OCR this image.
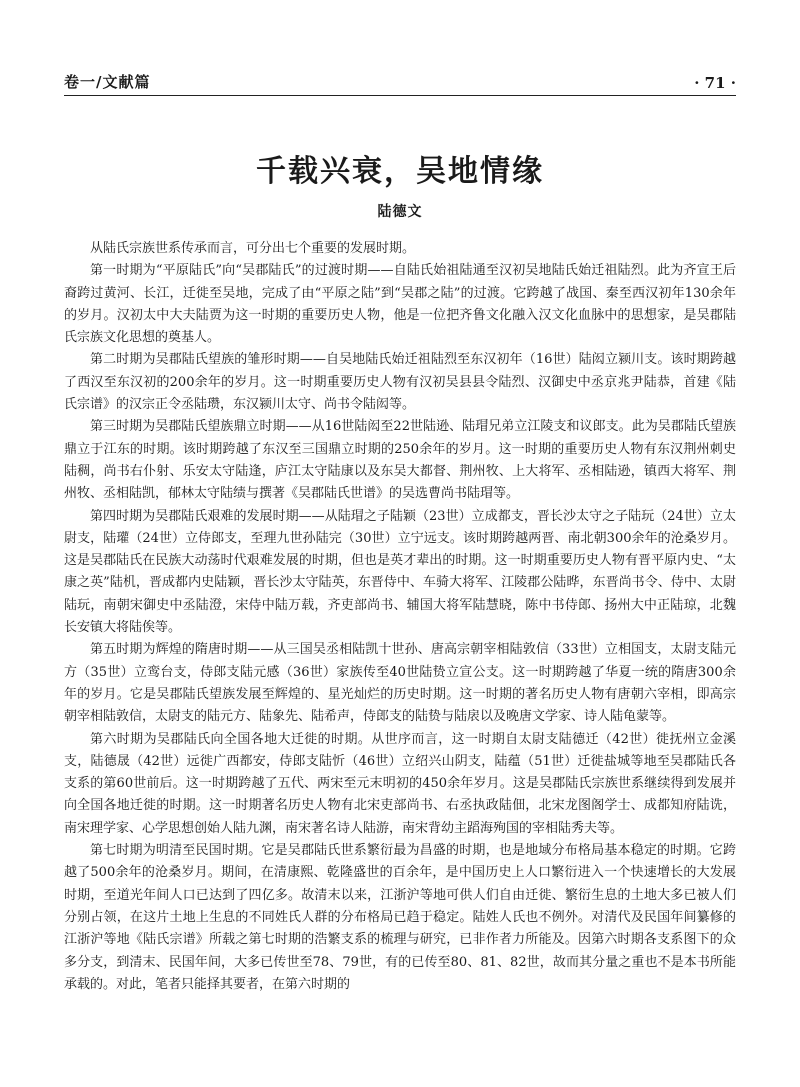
卷一/文献篇	· 71 ·
千载兴衰，吴地情缘
陆德文

从陆氏宗族世系传承而言，可分出七个重要的发展时期。

第一时期为“平原陆氏”向“吴郡陆氏”的过渡时期——自陆氏始祖陆通至汉初吴地陆氏始迁祖陆烈。此为齐宣王后裔跨过黄河、长江，迁徙至吴地，完成了由“平原之陆”到“吴郡之陆”的过渡。它跨越了战国、秦至西汉初年130余年的岁月。汉初太中大夫陆贾为这一时期的重要历史人物，他是一位把齐鲁文化融入汉文化血脉中的思想家，是吴郡陆氏宗族文化思想的奠基人。

第二时期为吴郡陆氏望族的雏形时期——自吴地陆氏始迁祖陆烈至东汉初年（16世）陆闳立颍川支。该时期跨越了西汉至东汉初的200余年的岁月。这一时期重要历史人物有汉初吴县县令陆烈、汉御史中丞京兆尹陆恭，首建《陆氏宗谱》的汉宗正令丞陆瓒，东汉颍川太守、尚书令陆闳等。

第三时期为吴郡陆氏望族鼎立时期——从16世陆闳至22世陆逊、陆瑁兄弟立江陵支和议郎支。此为吴郡陆氏望族鼎立于江东的时期。该时期跨越了东汉至三国鼎立时期的250余年的岁月。这一时期的重要历史人物有东汉荆州刺史陆稠，尚书右仆射、乐安太守陆逢，庐江太守陆康以及东吴大都督、荆州牧、上大将军、丞相陆逊，镇西大将军、荆州牧、丞相陆凯，郁林太守陆绩与撰著《吴郡陆氏世谱》的吴选曹尚书陆瑁等。

第四时期为吴郡陆氏艰难的发展时期——从陆瑁之子陆颖（23世）立成都支，晋长沙太守之子陆玩（24世）立太尉支，陆瓘（24世）立侍郎支，至理九世孙陆完（30世）立宁远支。该时期跨越两晋、南北朝300余年的沧桑岁月。这是吴郡陆氏在民族大动荡时代艰难发展的时期，但也是英才辈出的时期。这一时期重要历史人物有晋平原内史、“太康之英”陆机，晋成都内史陆颖，晋长沙太守陆英，东晋侍中、车骑大将军、江陵郡公陆晔，东晋尚书令、侍中、太尉陆玩，南朝宋御史中丞陆澄，宋侍中陆万载，齐吏部尚书、辅国大将军陆慧晓，陈中书侍郎、扬州大中正陆琼，北魏长安镇大将陆俟等。

第五时期为辉煌的隋唐时期——从三国吴丞相陆凯十世孙、唐高宗朝宰相陆敦信（33世）立相国支，太尉支陆元方（35世）立鸾台支，侍郎支陆元感（36世）家族传至40世陆贽立宣公支。这一时期跨越了华夏一统的隋唐300余年的岁月。它是吴郡陆氏望族发展至辉煌的、星光灿烂的历史时期。这一时期的著名历史人物有唐朝六宰相，即高宗朝宰相陆敦信，太尉支的陆元方、陆象先、陆希声，侍郎支的陆贽与陆扆以及晚唐文学家、诗人陆龟蒙等。

第六时期为吴郡陆氏向全国各地大迁徙的时期。从世序而言，这一时期自太尉支陆德迁（42世）徙抚州立金溪支，陆德晟（42世）远徙广西都安，侍郎支陆忻（46世）立绍兴山阴支，陆蕴（51世）迁徙盐城等地至吴郡陆氏各支系的第60世前后。这一时期跨越了五代、两宋至元末明初的450余年岁月。这是吴郡陆氏宗族世系继续得到发展并向全国各地迁徙的时期。这一时期著名历史人物有北宋吏部尚书、右丞执政陆佃，北宋龙图阁学士、成都知府陆诜，南宋理学家、心学思想创始人陆九渊，南宋著名诗人陆游，南宋背幼主蹈海殉国的宰相陆秀夫等。

第七时期为明清至民国时期。它是吴郡陆氏世系繁衍最为昌盛的时期，也是地域分布格局基本稳定的时期。它跨越了500余年的沧桑岁月。期间，在清康熙、乾隆盛世的百余年，是中国历史上人口繁衍进入一个快速增长的大发展时期，至道光年间人口已达到了四亿多。故清末以来，江浙沪等地可供人们自由迁徙、繁衍生息的土地大多已被人们分别占领，在这片土地上生息的不同姓氏人群的分布格局已趋于稳定。陆姓人氏也不例外。对清代及民国年间纂修的江浙沪等地《陆氏宗谱》所载之第七时期的浩繁支系的梳理与研究，已非作者力所能及。因第六时期各支系图下的众多分支，到清末、民国年间，大多已传世至78、79世，有的已传至80、81、82世，故而其分量之重也不是本书所能承载的。对此，笔者只能择其要者，在第六时期的
